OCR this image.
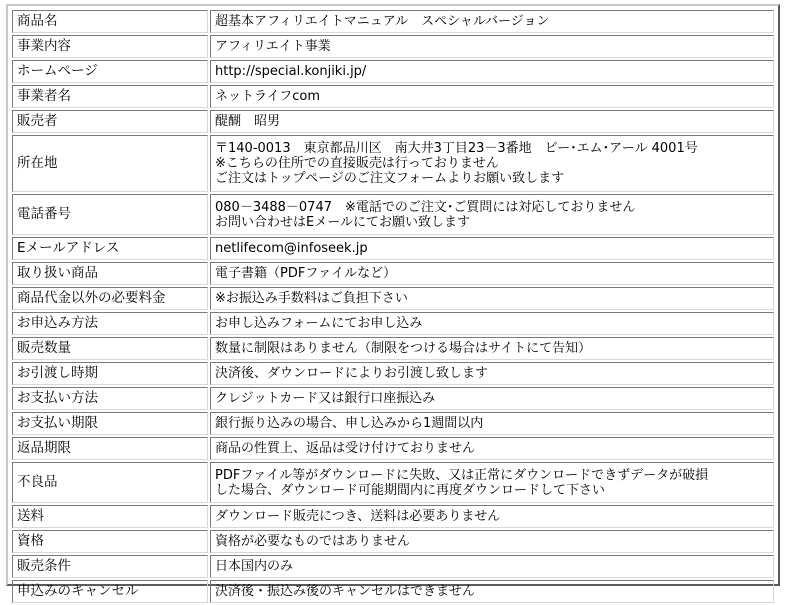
商品名	超基本アフィリエイトマニュアル　スペシャルバージョン

事業内容	アフィリエイト事業

ホームページ	http://special.konjiki.jp/

事業者名	ネットライフcom

販売者	醍醐　昭男

所在地	〒140-0013　東京都品川区　南大井3丁目23－3番地　ビー･エム･アール 4001号
※こちらの住所での直接販売は行っておりません
ご注文はトップページのご注文フォームよりお願い致します

電話番号	080－3488－0747　※電話でのご注文･ご質問には対応しておりません
お問い合わせはEメールにてお願い致します

Eメールアドレス	netlifecom@infoseek.jp

取り扱い商品	電子書籍（PDFファイルなど）

商品代金以外の必要料金	※お振込み手数料はご負担下さい

お申込み方法	お申し込みフォームにてお申し込み

販売数量	数量に制限はありません（制限をつける場合はサイトにて告知）

お引渡し時期	決済後、ダウンロードによりお引渡し致します

お支払い方法	クレジットカード又は銀行口座振込み

お支払い期限	銀行振り込みの場合、申し込みから1週間以内

返品期限	商品の性質上、返品は受け付けておりません

不良品	PDFファイル等がダウンロードに失敗、又は正常にダウンロードできずデータが破損
した場合、ダウンロード可能期間内に再度ダウンロードして下さい

送料	ダウンロード販売につき、送料は必要ありません

資格	資格が必要なものではありません

販売条件	日本国内のみ

申込みのキャンセル	決済後・振込み後のキャンセルはできません
